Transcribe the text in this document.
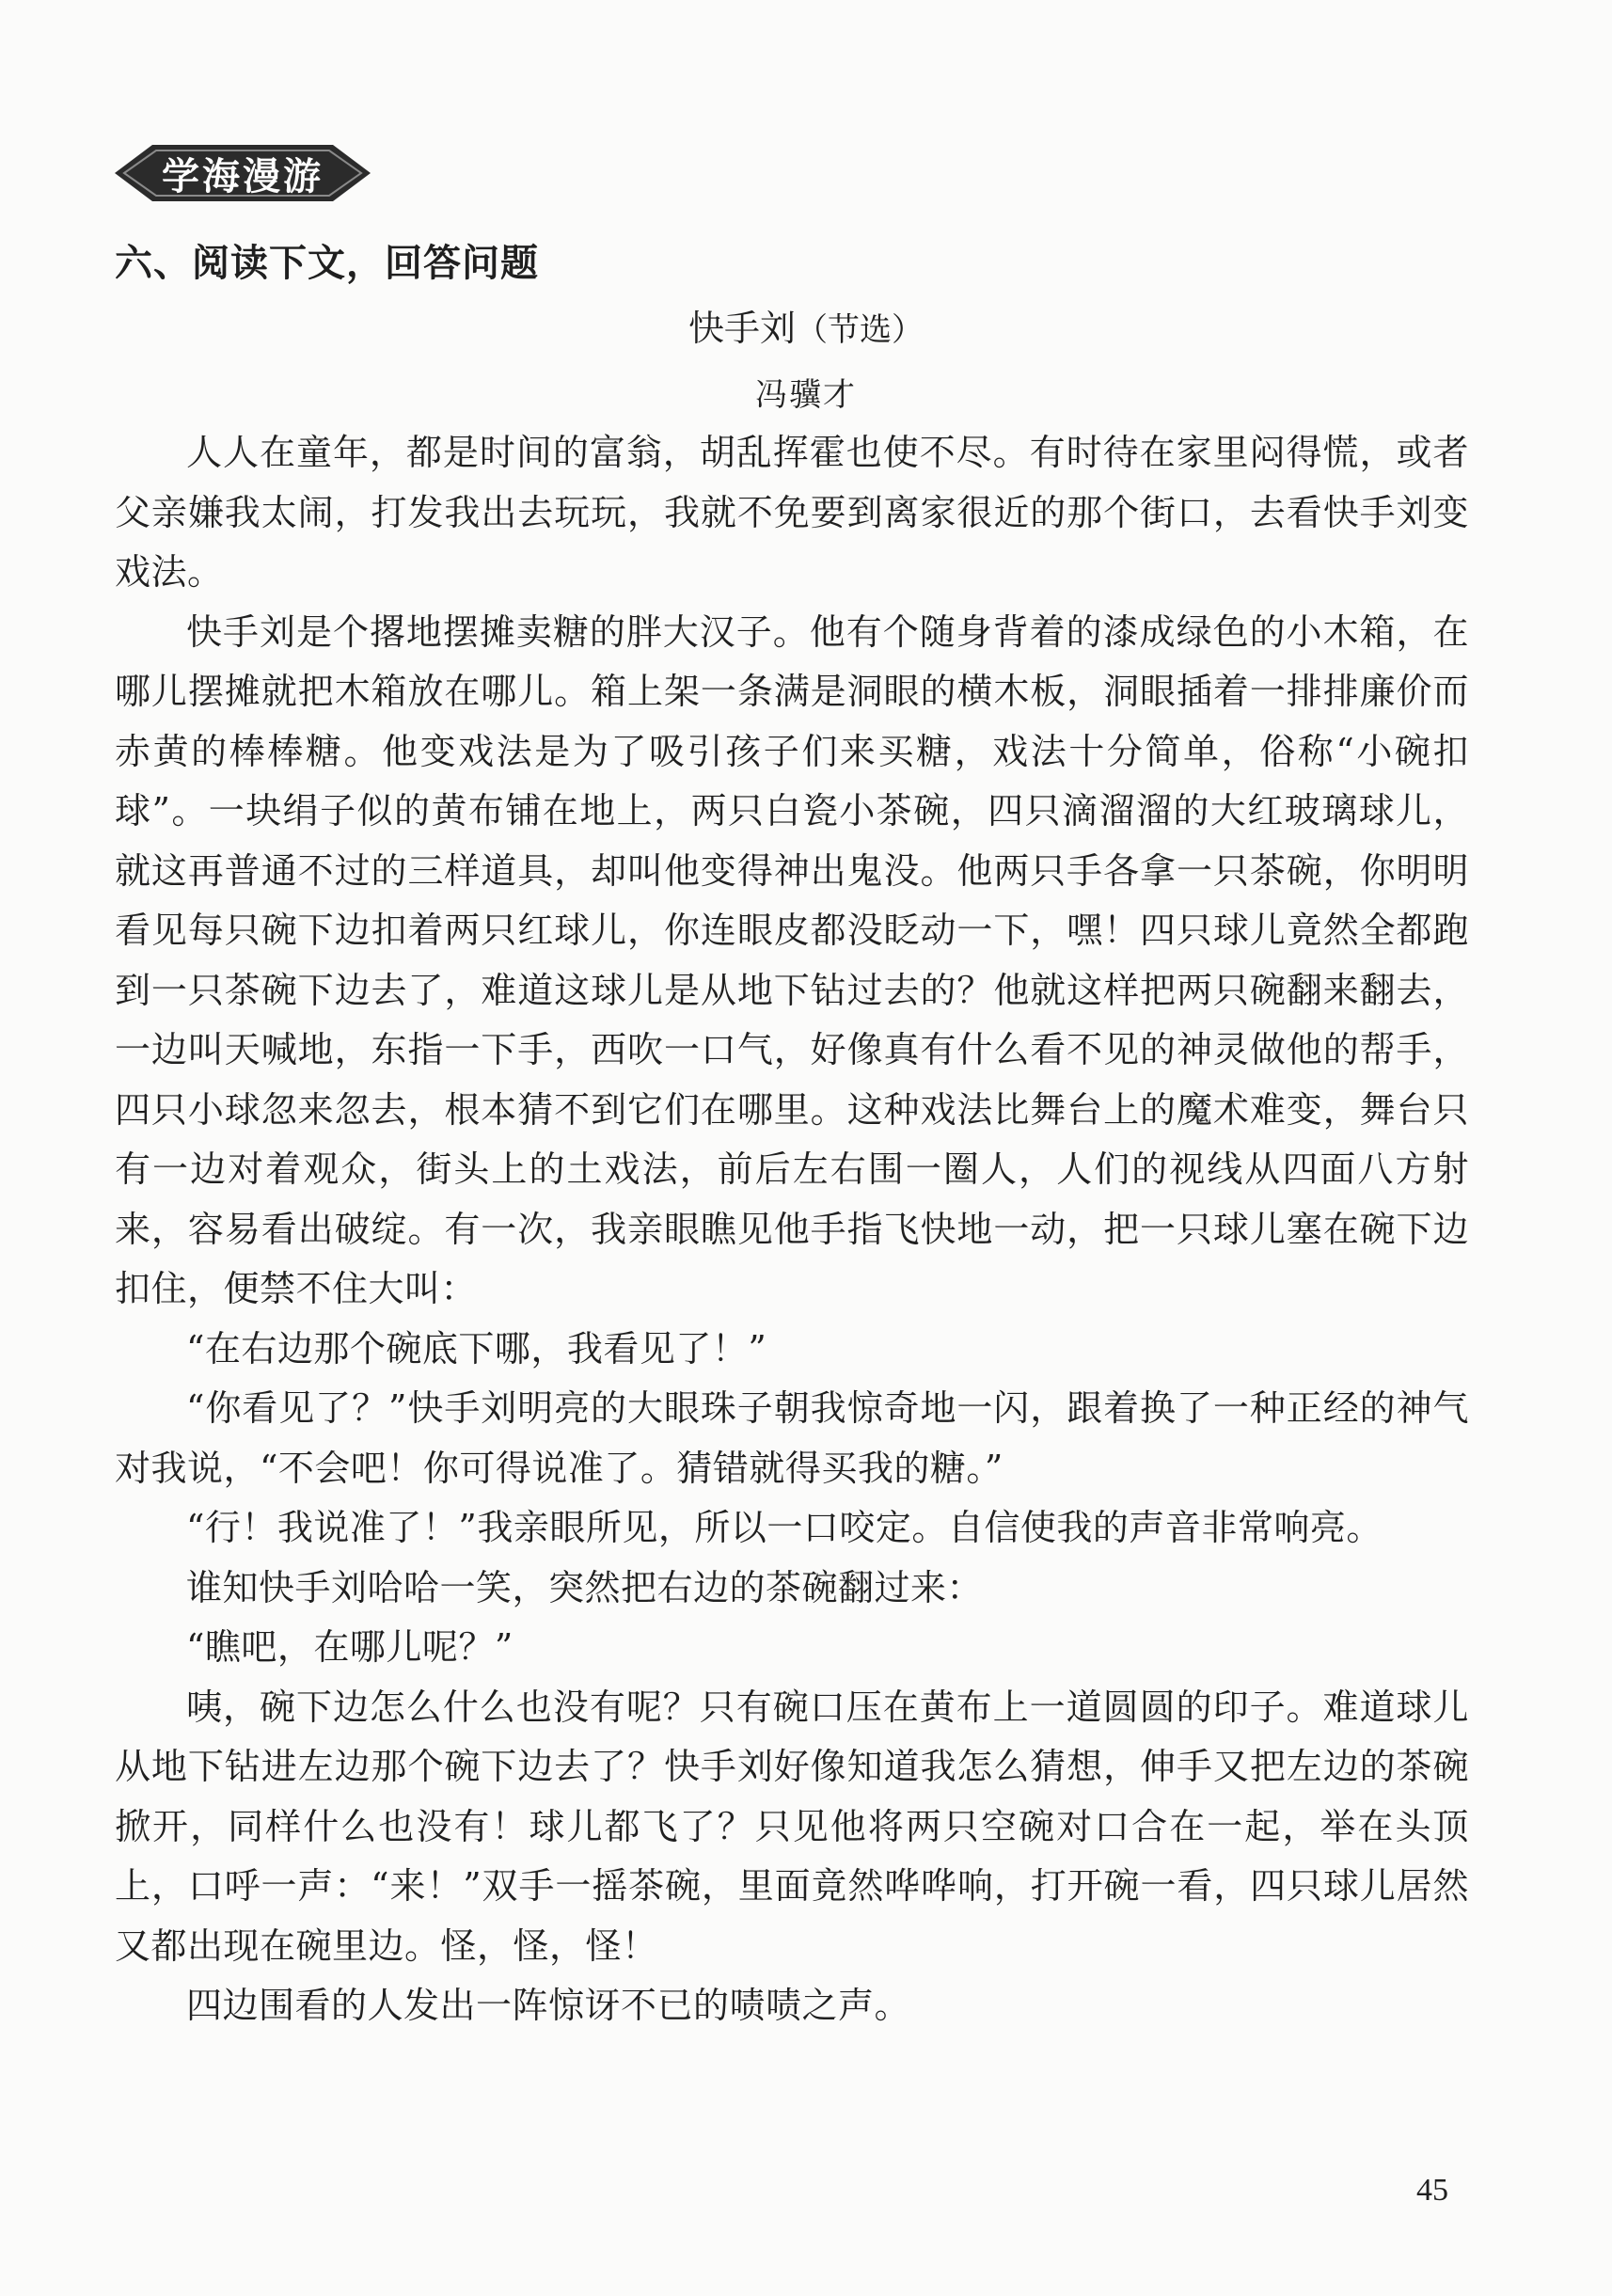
学海漫游
六、阅读下文，回答问题
快手刘（节选）
冯骥才

人人在童年，都是时间的富翁，胡乱挥霍也使不尽。有时待在家里闷得慌，或者父亲嫌我太闹，打发我出去玩玩，我就不免要到离家很近的那个街口，去看快手刘变戏法。

快手刘是个撂地摆摊卖糖的胖大汉子。他有个随身背着的漆成绿色的小木箱，在哪儿摆摊就把木箱放在哪儿。箱上架一条满是洞眼的横木板，洞眼插着一排排廉价而赤黄的棒棒糖。他变戏法是为了吸引孩子们来买糖，戏法十分简单，俗称“小碗扣球”。一块绢子似的黄布铺在地上，两只白瓷小茶碗，四只滴溜溜的大红玻璃球儿，就这再普通不过的三样道具，却叫他变得神出鬼没。他两只手各拿一只茶碗，你明明看见每只碗下边扣着两只红球儿，你连眼皮都没眨动一下，嘿！四只球儿竟然全都跑到一只茶碗下边去了，难道这球儿是从地下钻过去的？他就这样把两只碗翻来翻去，一边叫天喊地，东指一下手，西吹一口气，好像真有什么看不见的神灵做他的帮手，四只小球忽来忽去，根本猜不到它们在哪里。这种戏法比舞台上的魔术难变，舞台只有一边对着观众，街头上的土戏法，前后左右围一圈人，人们的视线从四面八方射来，容易看出破绽。有一次，我亲眼瞧见他手指飞快地一动，把一只球儿塞在碗下边扣住，便禁不住大叫：

“在右边那个碗底下哪，我看见了！”

“你看见了？”快手刘明亮的大眼珠子朝我惊奇地一闪，跟着换了一种正经的神气对我说，“不会吧！你可得说准了。猜错就得买我的糖。”

“行！我说准了！”我亲眼所见，所以一口咬定。自信使我的声音非常响亮。

谁知快手刘哈哈一笑，突然把右边的茶碗翻过来：

“瞧吧，在哪儿呢？”

咦，碗下边怎么什么也没有呢？只有碗口压在黄布上一道圆圆的印子。难道球儿从地下钻进左边那个碗下边去了？快手刘好像知道我怎么猜想，伸手又把左边的茶碗掀开，同样什么也没有！球儿都飞了？只见他将两只空碗对口合在一起，举在头顶上，口呼一声：“来！”双手一摇茶碗，里面竟然哗哗响，打开碗一看，四只球儿居然又都出现在碗里边。怪，怪，怪！

四边围看的人发出一阵惊讶不已的啧啧之声。

45
